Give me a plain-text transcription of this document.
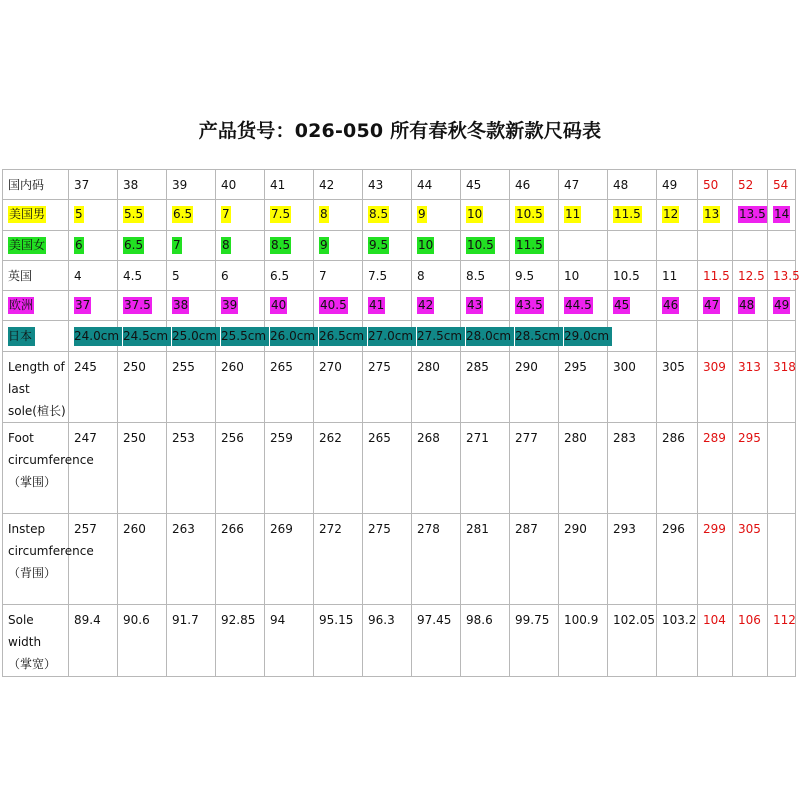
产品货号：026-050 所有春秋冬款新款尺码表
国内码	37	38	39	40	41	42	43	44	45	46	47	48	49	50	52	54
美国男	5	5.5	6.5	7	7.5	8	8.5	9	10	10.5	11	11.5	12	13	13.5	14
美国女	6	6.5	7	8	8.5	9	9.5	10	10.5	11.5						
英国	4	4.5	5	6	6.5	7	7.5	8	8.5	9.5	10	10.5	11	11.5	12.5	13.5
欧洲	37	37.5	38	39	40	40.5	41	42	43	43.5	44.5	45	46	47	48	49
日本	24.0cm	24.5cm	25.0cm	25.5cm	26.0cm	26.5cm	27.0cm	27.5cm	28.0cm	28.5cm	29.0cm					
Length of last sole(楦长)	245	250	255	260	265	270	275	280	285	290	295	300	305	309	313	318
Foot circumference （掌围）	247	250	253	256	259	262	265	268	271	277	280	283	286	289	295	
Instep circumference （背围）	257	260	263	266	269	272	275	278	281	287	290	293	296	299	305	
Sole width （掌宽）	89.4	90.6	91.7	92.85	94	95.15	96.3	97.45	98.6	99.75	100.9	102.05	103.2	104	106	112
